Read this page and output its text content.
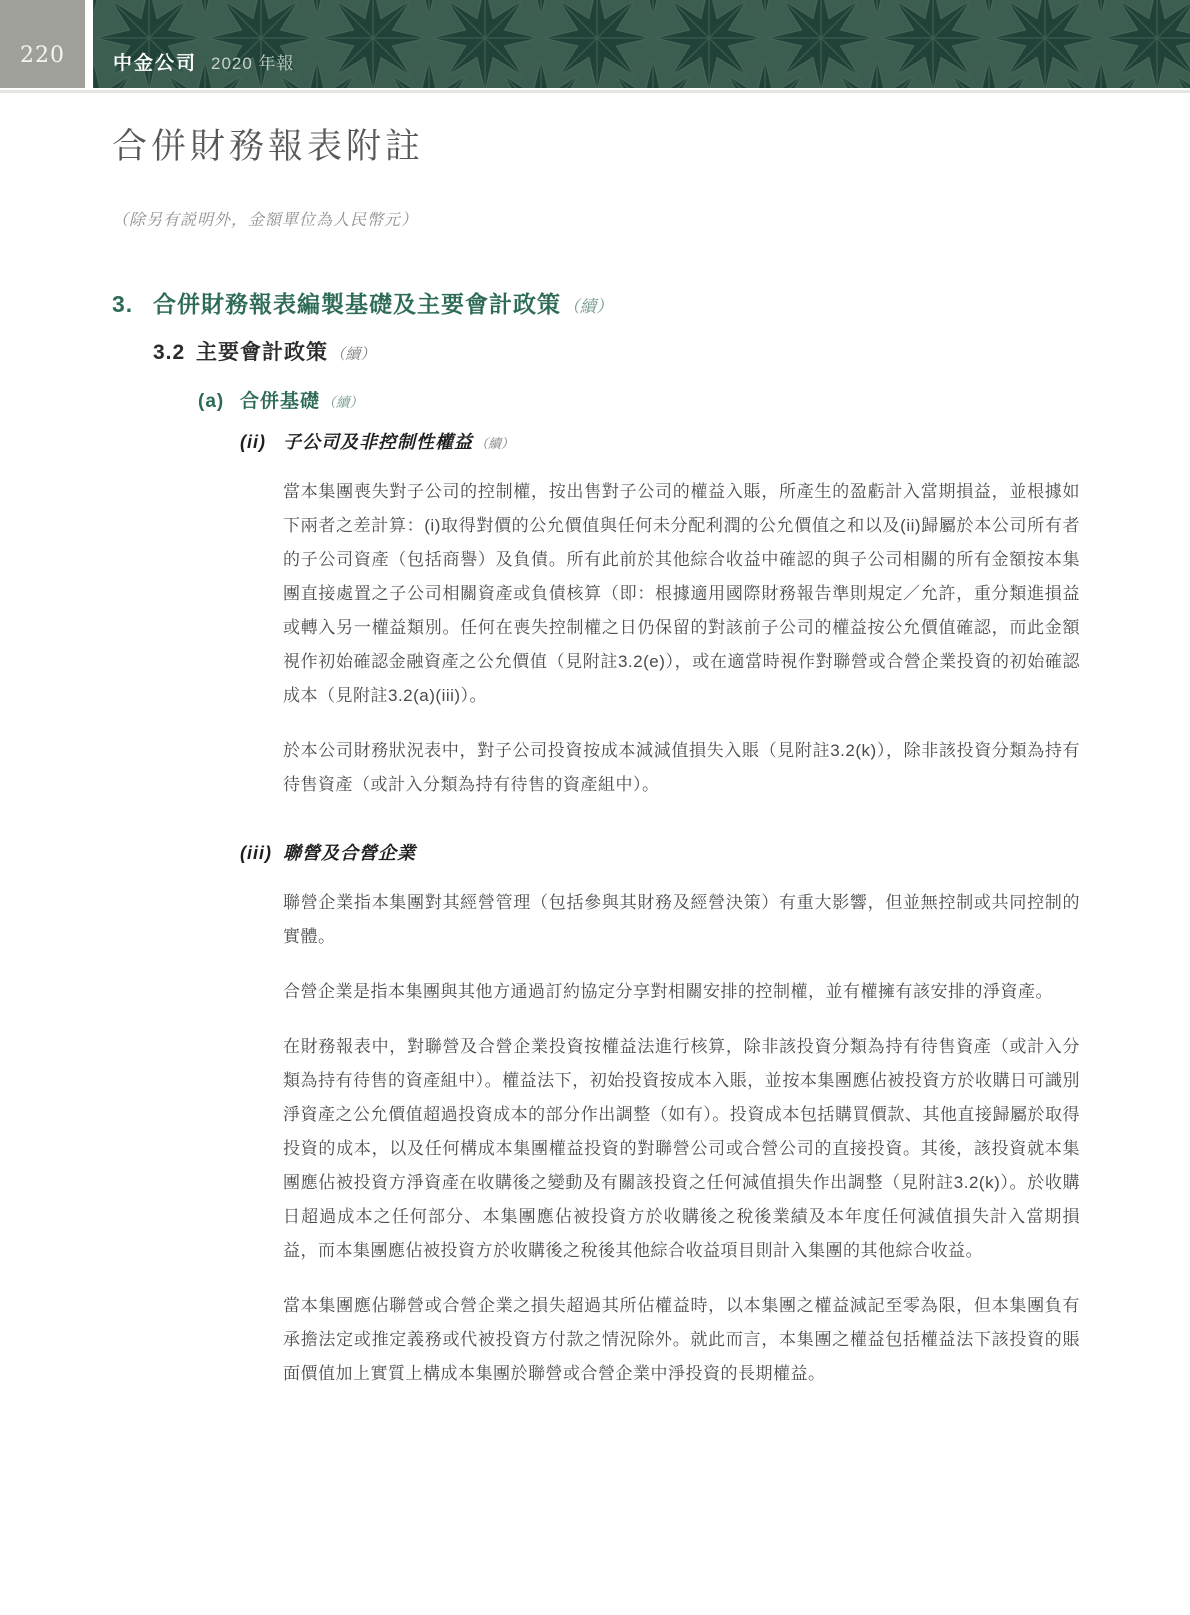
220	中金公司 2020 年報
合併財務報表附註

（除另有説明外，金額單位為人民幣元）

3. 合併財務報表編製基礎及主要會計政策 （續）
3.2 主要會計政策 （續）
(a) 合併基礎 （續）
(ii) 子公司及非控制性權益 （續）

當本集團喪失對子公司的控制權，按出售對子公司的權益入賬，所產生的盈虧計入當期損益，並根據如下兩者之差計算：(i)取得對價的公允價值與任何未分配利潤的公允價值之和以及(ii)歸屬於本公司所有者的子公司資產（包括商譽）及負債。所有此前於其他綜合收益中確認的與子公司相關的所有金額按本集團直接處置之子公司相關資產或負債核算（即：根據適用國際財務報告準則規定／允許，重分類進損益或轉入另一權益類別。任何在喪失控制權之日仍保留的對該前子公司的權益按公允價值確認，而此金額視作初始確認金融資產之公允價值（見附註3.2(e)），或在適當時視作對聯營或合營企業投資的初始確認成本（見附註3.2(a)(iii)）。

於本公司財務狀況表中，對子公司投資按成本減減值損失入賬（見附註3.2(k)），除非該投資分類為持有待售資產（或計入分類為持有待售的資產組中）。

(iii) 聯營及合營企業

聯營企業指本集團對其經營管理（包括參與其財務及經營決策）有重大影響，但並無控制或共同控制的實體。

合營企業是指本集團與其他方通過訂約協定分享對相關安排的控制權，並有權擁有該安排的淨資產。

在財務報表中，對聯營及合營企業投資按權益法進行核算，除非該投資分類為持有待售資產（或計入分類為持有待售的資產組中）。權益法下，初始投資按成本入賬，並按本集團應佔被投資方於收購日可識別淨資產之公允價值超過投資成本的部分作出調整（如有）。投資成本包括購買價款、其他直接歸屬於取得投資的成本，以及任何構成本集團權益投資的對聯營公司或合營公司的直接投資。其後，該投資就本集團應佔被投資方淨資產在收購後之變動及有關該投資之任何減值損失作出調整（見附註3.2(k)）。於收購日超過成本之任何部分、本集團應佔被投資方於收購後之稅後業績及本年度任何減值損失計入當期損益，而本集團應佔被投資方於收購後之稅後其他綜合收益項目則計入集團的其他綜合收益。

當本集團應佔聯營或合營企業之損失超過其所佔權益時，以本集團之權益減記至零為限，但本集團負有承擔法定或推定義務或代被投資方付款之情況除外。就此而言，本集團之權益包括權益法下該投資的賬面價值加上實質上構成本集團於聯營或合營企業中淨投資的長期權益。
